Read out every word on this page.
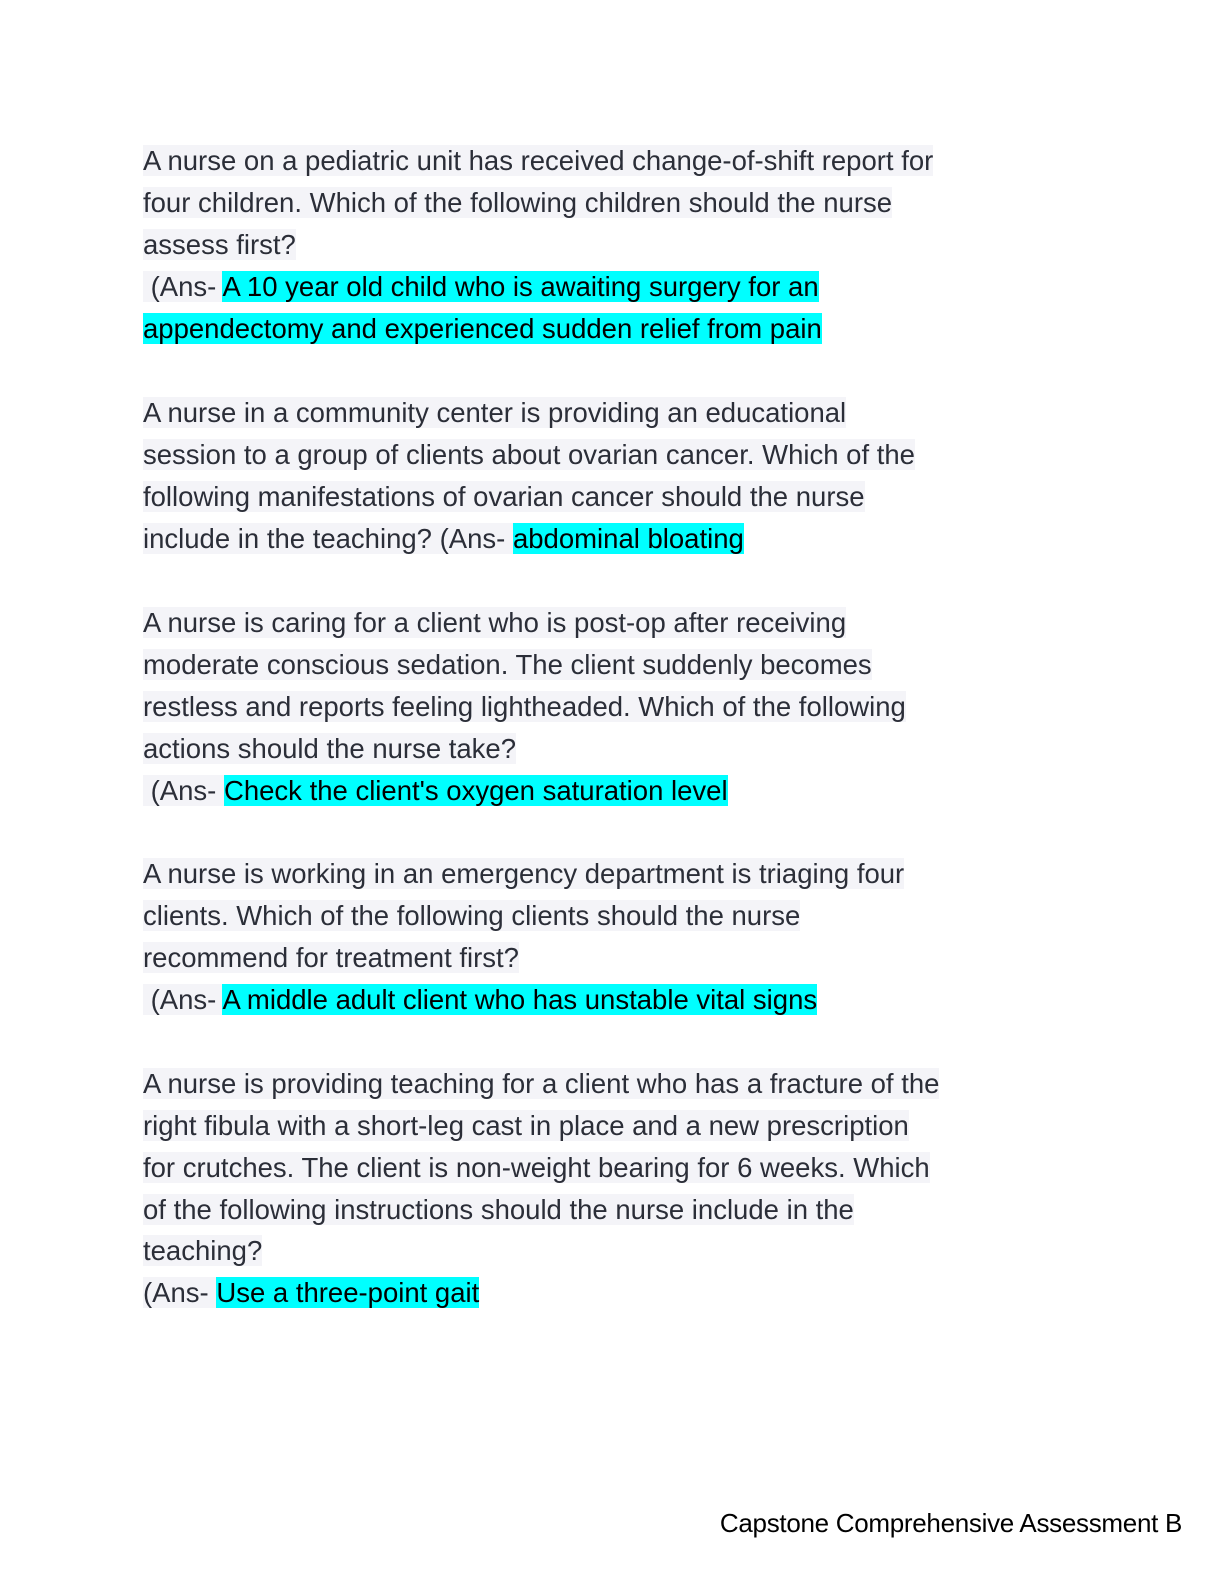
A nurse on a pediatric unit has received change-of-shift report for
four children. Which of the following children should the nurse
assess first?
(Ans- A 10 year old child who is awaiting surgery for an
appendectomy and experienced sudden relief from pain
A nurse in a community center is providing an educational
session to a group of clients about ovarian cancer. Which of the
following manifestations of ovarian cancer should the nurse
include in the teaching? (Ans- abdominal bloating
A nurse is caring for a client who is post-op after receiving
moderate conscious sedation. The client suddenly becomes
restless and reports feeling lightheaded. Which of the following
actions should the nurse take?
(Ans- Check the client's oxygen saturation level
A nurse is working in an emergency department is triaging four
clients. Which of the following clients should the nurse
recommend for treatment first?
(Ans- A middle adult client who has unstable vital signs
A nurse is providing teaching for a client who has a fracture of the
right fibula with a short-leg cast in place and a new prescription
for crutches. The client is non-weight bearing for 6 weeks. Which
of the following instructions should the nurse include in the
teaching?
(Ans- Use a three-point gait
Capstone Comprehensive Assessment B
